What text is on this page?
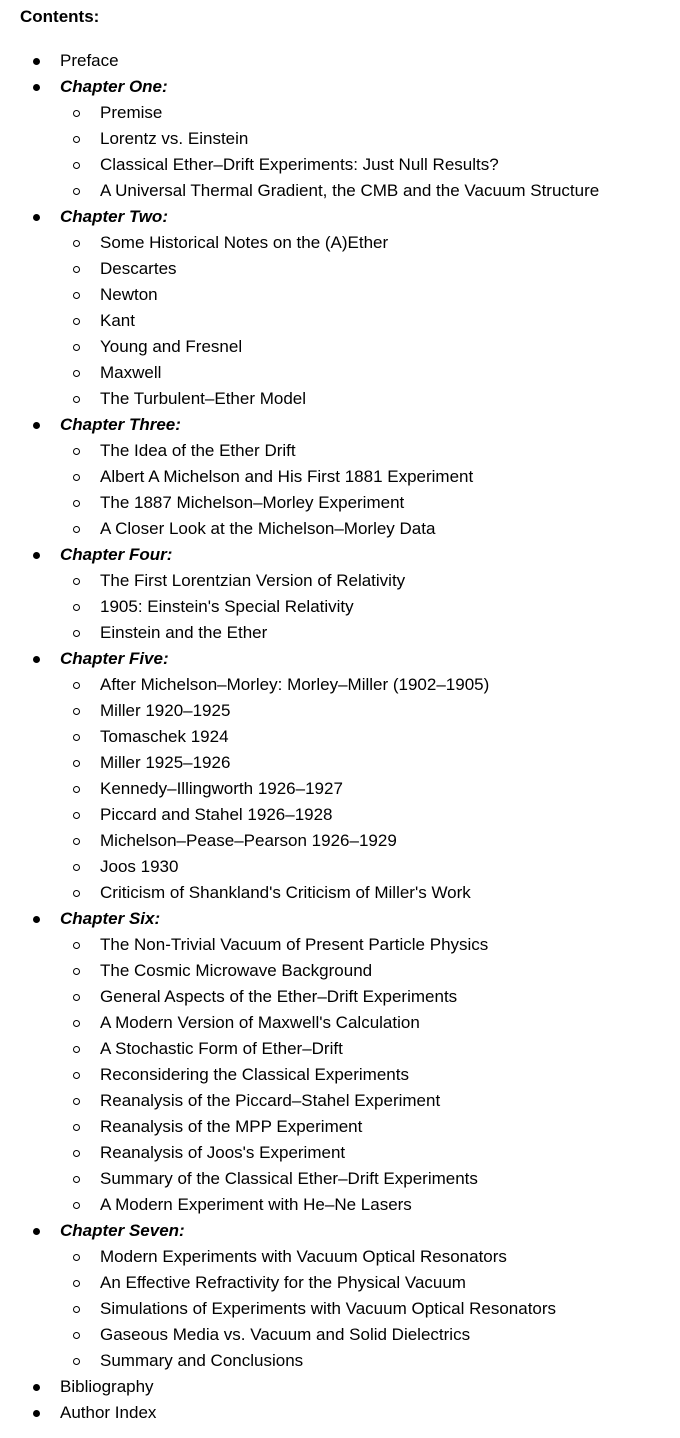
Contents:
Preface
Chapter One:
Premise
Lorentz vs. Einstein
Classical Ether–Drift Experiments: Just Null Results?
A Universal Thermal Gradient, the CMB and the Vacuum Structure
Chapter Two:
Some Historical Notes on the (A)Ether
Descartes
Newton
Kant
Young and Fresnel
Maxwell
The Turbulent–Ether Model
Chapter Three:
The Idea of the Ether Drift
Albert A Michelson and His First 1881 Experiment
The 1887 Michelson–Morley Experiment
A Closer Look at the Michelson–Morley Data
Chapter Four:
The First Lorentzian Version of Relativity
1905: Einstein's Special Relativity
Einstein and the Ether
Chapter Five:
After Michelson–Morley: Morley–Miller (1902–1905)
Miller 1920–1925
Tomaschek 1924
Miller 1925–1926
Kennedy–Illingworth 1926–1927
Piccard and Stahel 1926–1928
Michelson–Pease–Pearson 1926–1929
Joos 1930
Criticism of Shankland's Criticism of Miller's Work
Chapter Six:
The Non-Trivial Vacuum of Present Particle Physics
The Cosmic Microwave Background
General Aspects of the Ether–Drift Experiments
A Modern Version of Maxwell's Calculation
A Stochastic Form of Ether–Drift
Reconsidering the Classical Experiments
Reanalysis of the Piccard–Stahel Experiment
Reanalysis of the MPP Experiment
Reanalysis of Joos's Experiment
Summary of the Classical Ether–Drift Experiments
A Modern Experiment with He–Ne Lasers
Chapter Seven:
Modern Experiments with Vacuum Optical Resonators
An Effective Refractivity for the Physical Vacuum
Simulations of Experiments with Vacuum Optical Resonators
Gaseous Media vs. Vacuum and Solid Dielectrics
Summary and Conclusions
Bibliography
Author Index
